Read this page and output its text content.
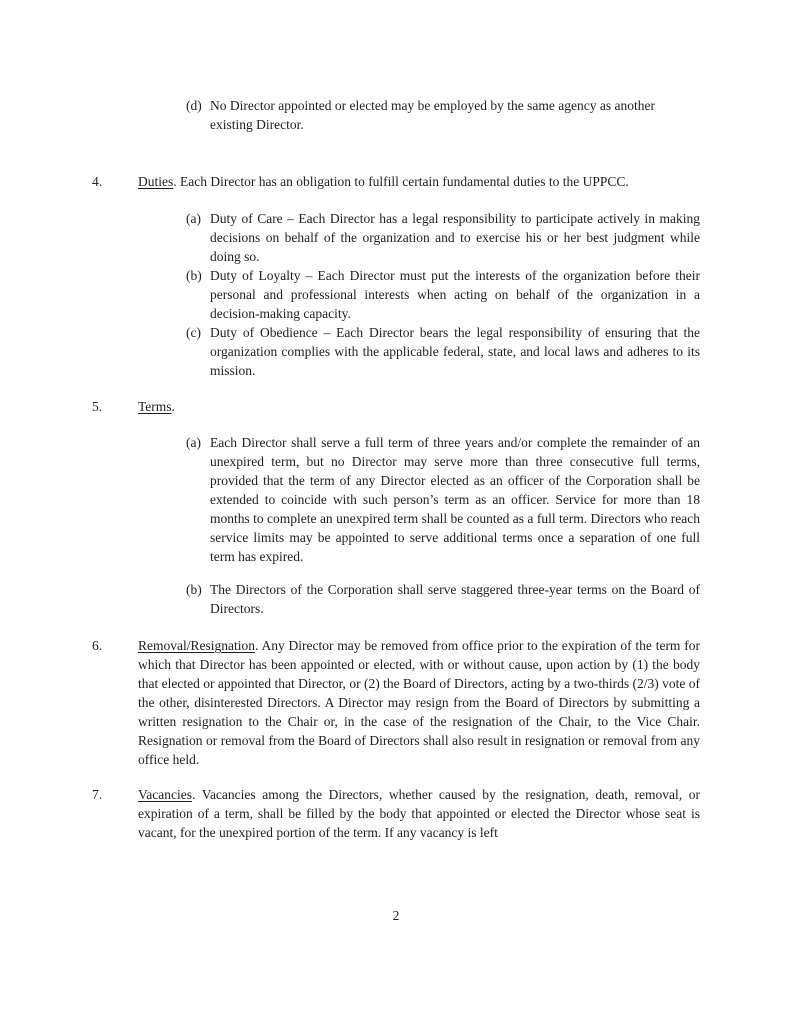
(d) No Director appointed or elected may be employed by the same agency as another existing Director.
4.	Duties. Each Director has an obligation to fulfill certain fundamental duties to the UPPCC.

(a) Duty of Care – Each Director has a legal responsibility to participate actively in making decisions on behalf of the organization and to exercise his or her best judgment while doing so.
(b) Duty of Loyalty – Each Director must put the interests of the organization before their personal and professional interests when acting on behalf of the organization in a decision-making capacity.
(c) Duty of Obedience – Each Director bears the legal responsibility of ensuring that the organization complies with the applicable federal, state, and local laws and adheres to its mission.
5.	Terms.

(a) Each Director shall serve a full term of three years and/or complete the remainder of an unexpired term, but no Director may serve more than three consecutive full terms, provided that the term of any Director elected as an officer of the Corporation shall be extended to coincide with such person’s term as an officer. Service for more than 18 months to complete an unexpired term shall be counted as a full term. Directors who reach service limits may be appointed to serve additional terms once a separation of one full term has expired.
(b) The Directors of the Corporation shall serve staggered three-year terms on the Board of Directors.
6.	Removal/Resignation. Any Director may be removed from office prior to the expiration of the term for which that Director has been appointed or elected, with or without cause, upon action by (1) the body that elected or appointed that Director, or (2) the Board of Directors, acting by a two-thirds (2/3) vote of the other, disinterested Directors. A Director may resign from the Board of Directors by submitting a written resignation to the Chair or, in the case of the resignation of the Chair, to the Vice Chair. Resignation or removal from the Board of Directors shall also result in resignation or removal from any office held.

7.	Vacancies. Vacancies among the Directors, whether caused by the resignation, death, removal, or expiration of a term, shall be filled by the body that appointed or elected the Director whose seat is vacant, for the unexpired portion of the term. If any vacancy is left

2
